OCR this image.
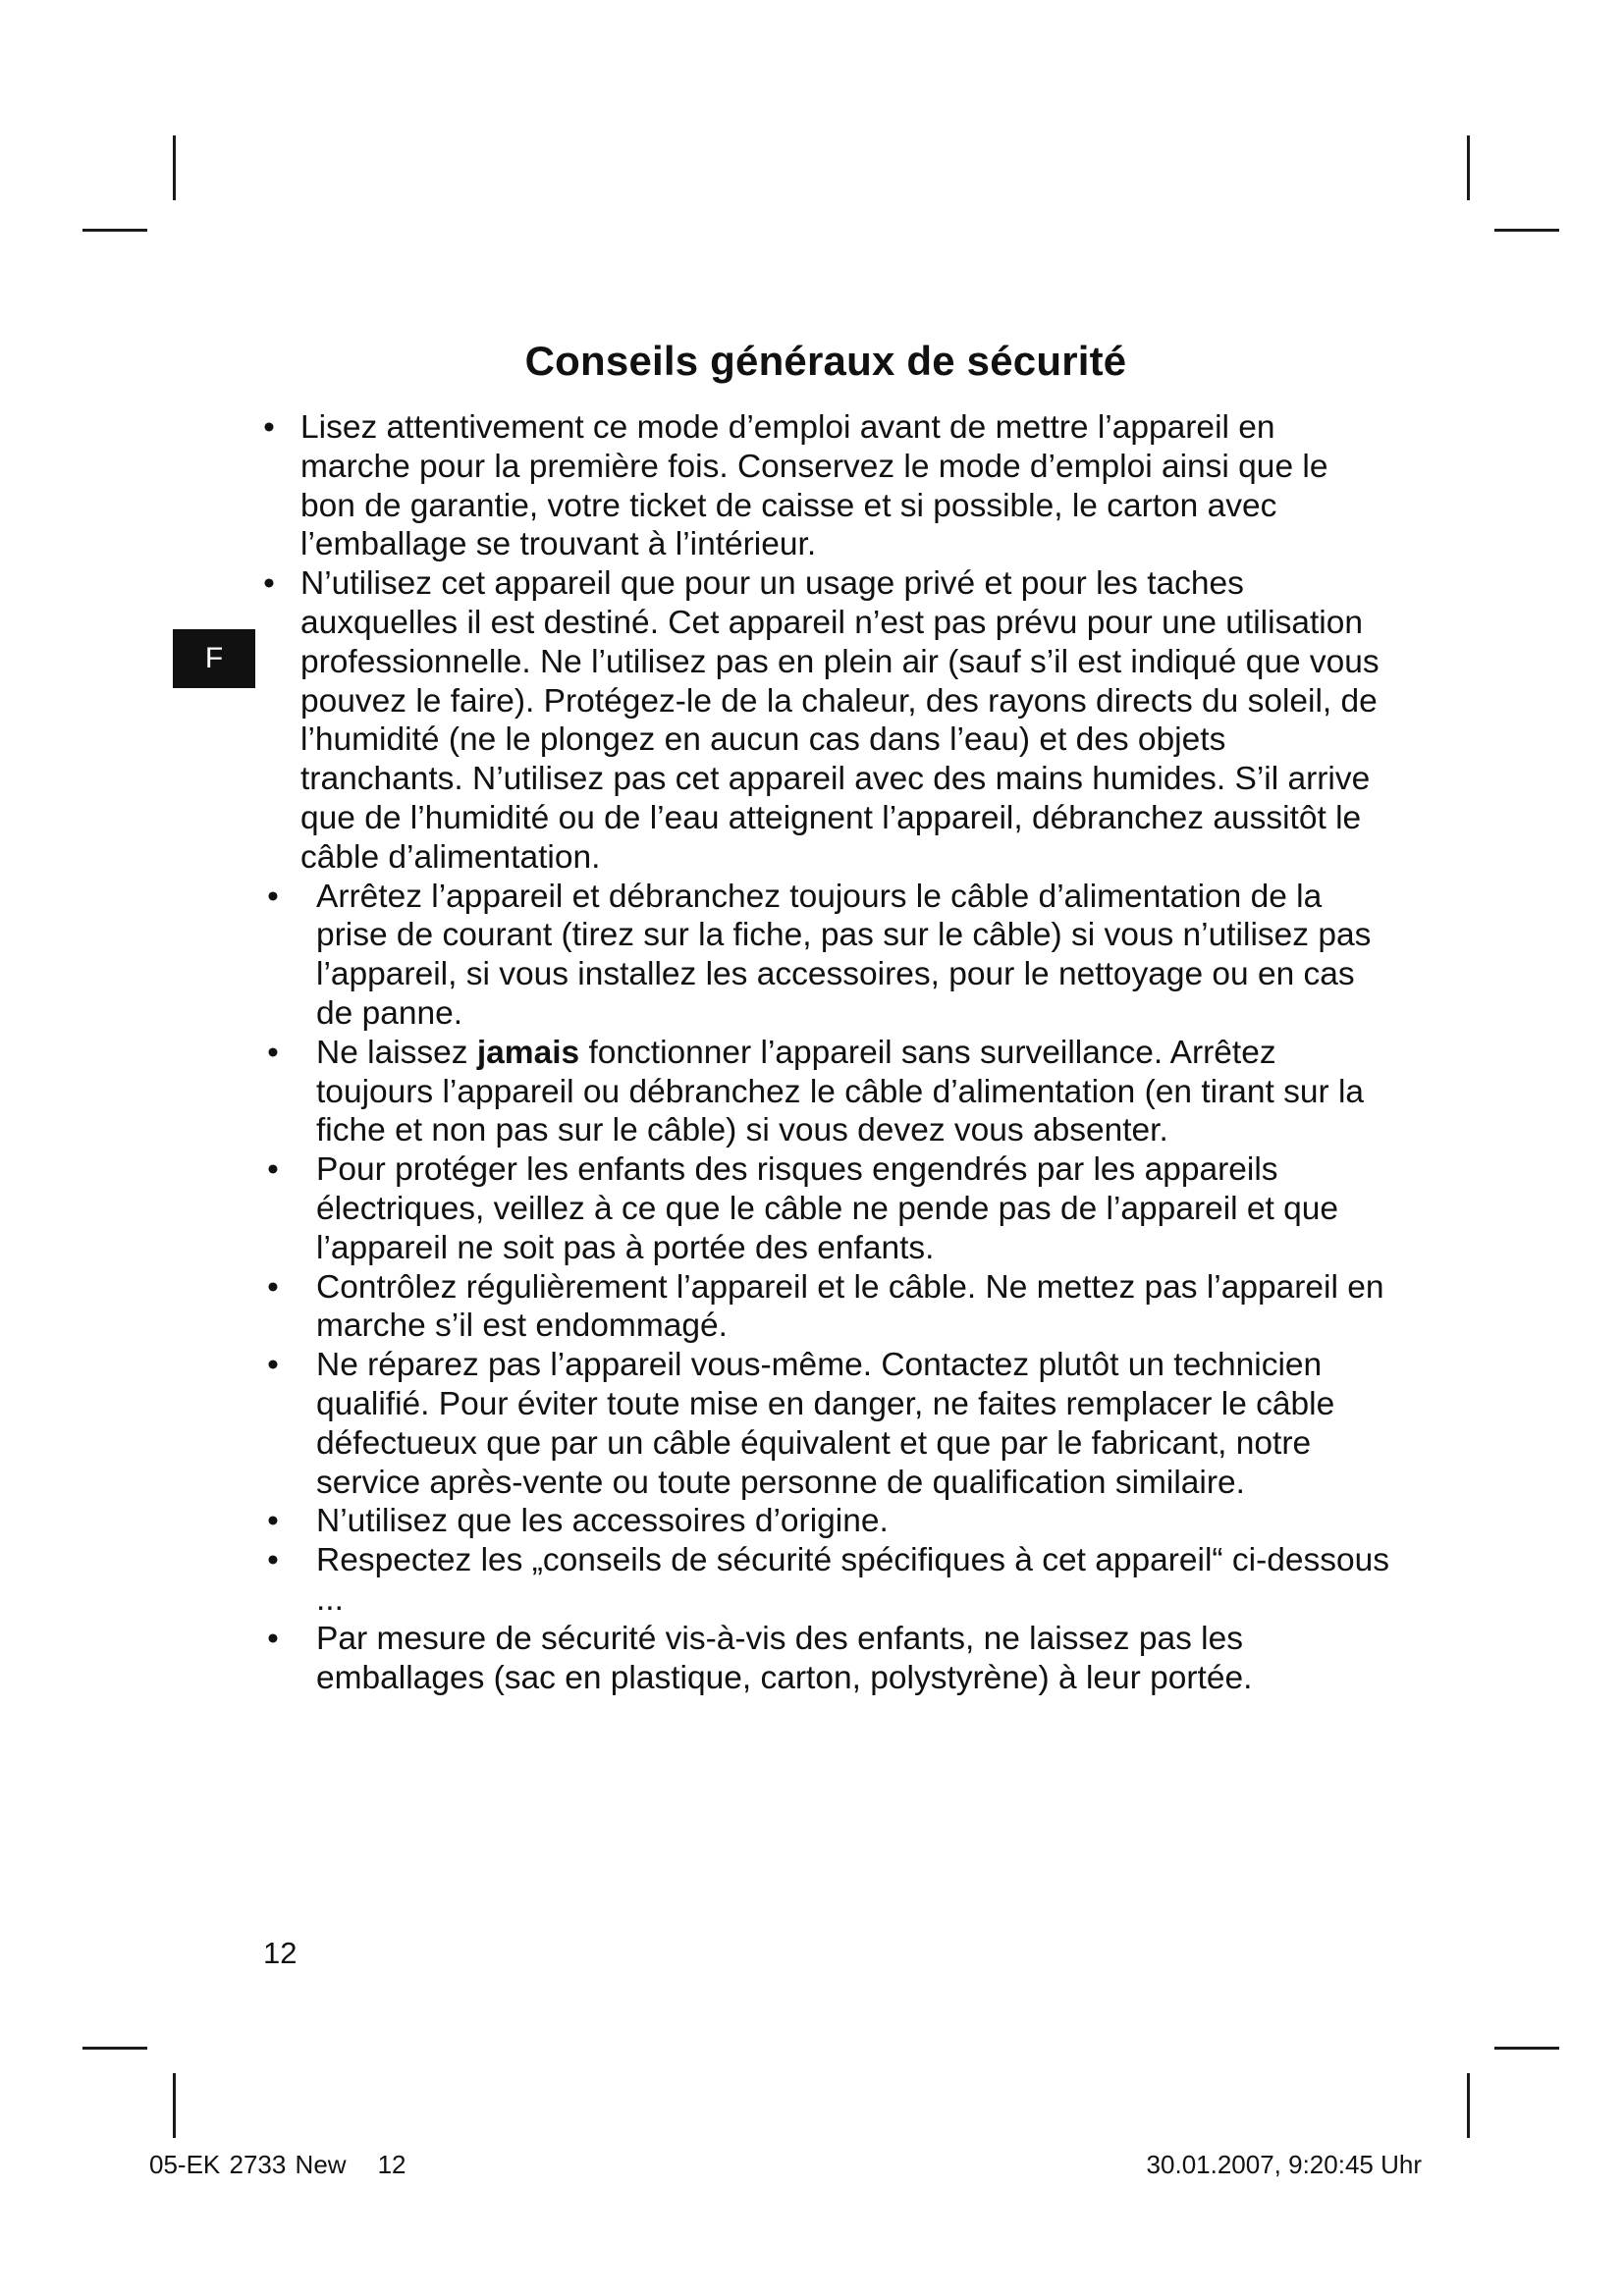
F
Conseils généraux de sécurité
• Lisez attentivement ce mode d’emploi avant de mettre l’appareil en marche pour la première fois. Conservez le mode d’emploi ainsi que le bon de garantie, votre ticket de caisse et si possible, le carton avec l’emballage se trouvant à l’intérieur.
• N’utilisez cet appareil que pour un usage privé et pour les taches auxquelles il est destiné. Cet appareil n’est pas prévu pour une utilisation professionnelle. Ne l’utilisez pas en plein air (sauf s’il est indiqué que vous pouvez le faire). Protégez-le de la chaleur, des rayons directs du soleil, de l’humidité (ne le plongez en aucun cas dans l’eau) et des objets tranchants. N’utilisez pas cet appareil avec des mains humides. S’il arrive que de l’humidité ou de l’eau atteignent l’appareil, débranchez aussitôt le câble d’alimentation.
• Arrêtez l’appareil et débranchez toujours le câble d’alimentation de la prise de courant (tirez sur la fiche, pas sur le câble) si vous n’utilisez pas l’appareil, si vous installez les accessoires, pour le nettoyage ou en cas de panne.
• Ne laissez jamais fonctionner l’appareil sans surveillance. Arrêtez toujours l’appareil ou débranchez le câble d’alimentation (en tirant sur la fiche et non pas sur le câble) si vous devez vous absenter.
• Pour protéger les enfants des risques engendrés par les appareils électriques, veillez à ce que le câble ne pende pas de l’appareil et que l’appareil ne soit pas à portée des enfants.
• Contrôlez régulièrement l’appareil et le câble. Ne mettez pas l’appareil en marche s’il est endommagé.
• Ne réparez pas l’appareil vous-même. Contactez plutôt un technicien qualifié. Pour éviter toute mise en danger, ne faites remplacer le câble défectueux que par un câble équivalent et que par le fabricant, notre service après-vente ou toute personne de qualification similaire.
• N’utilisez que les accessoires d’origine.
• Respectez les „conseils de sécurité spécifiques à cet appareil“ ci-dessous ...
• Par mesure de sécurité vis-à-vis des enfants, ne laissez pas les emballages (sac en plastique, carton, polystyrène) à leur portée.
12
05-EK 2733 New 12	30.01.2007, 9:20:45 Uhr
